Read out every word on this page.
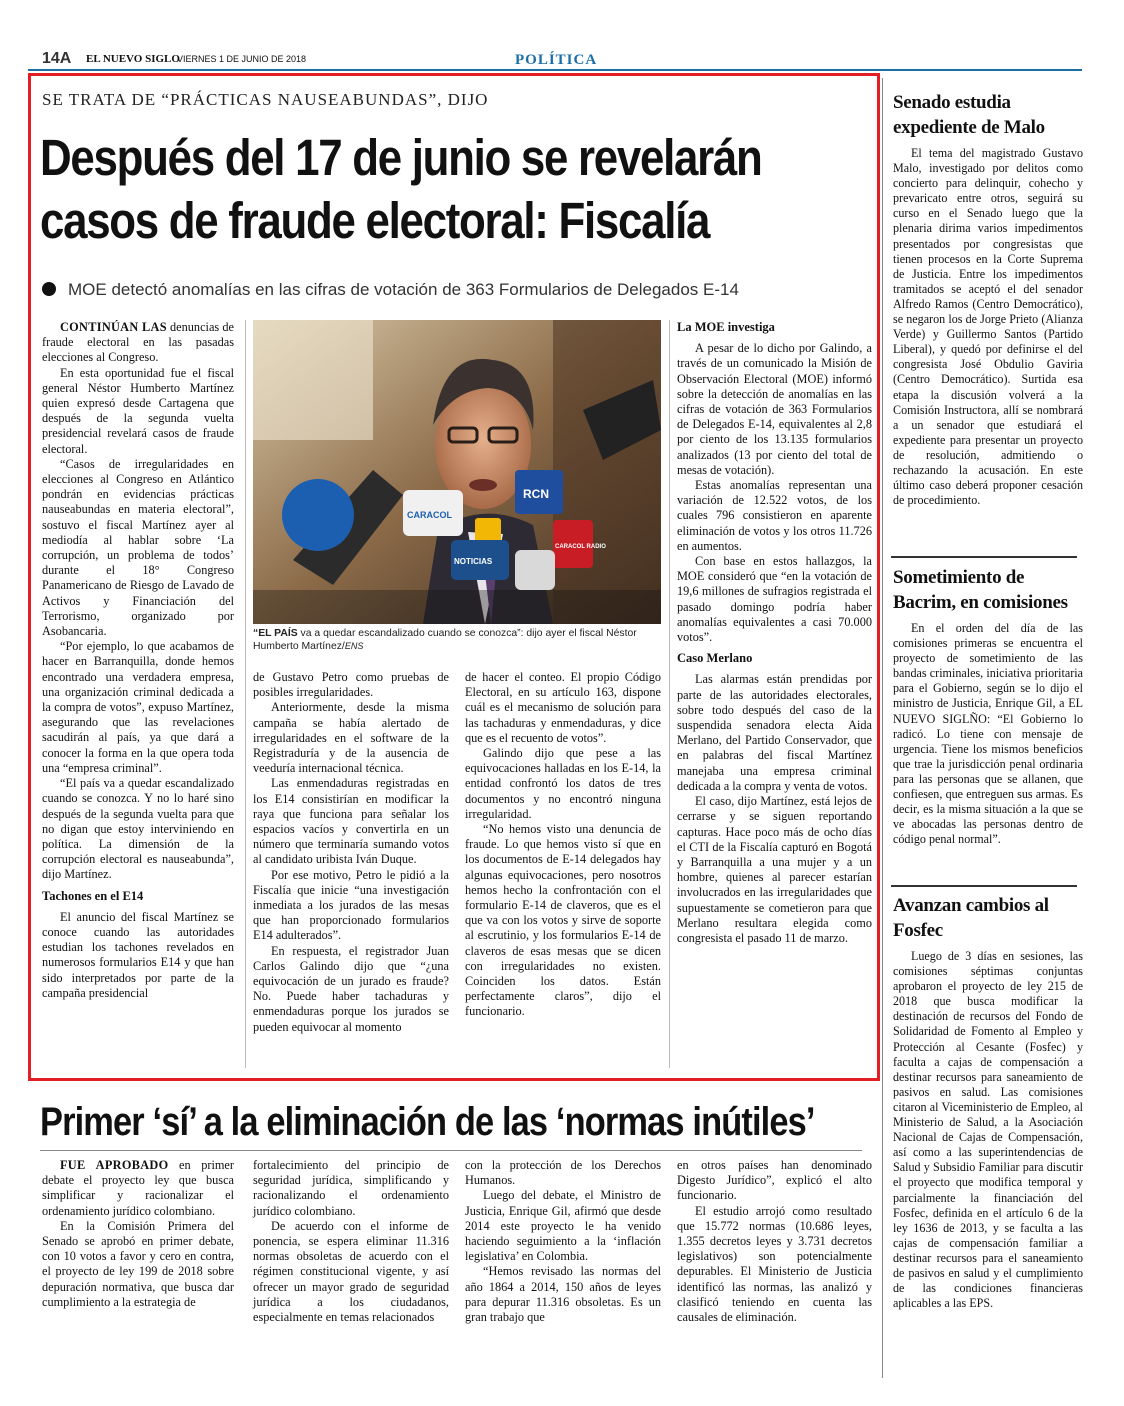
14A EL NUEVO SIGLO
VIERNES 1 DE JUNIO DE 2018	POLÍTICA
SE TRATA DE “PRÁCTICAS NAUSEABUNDAS”, DIJO
Después del 17 de junio se revelarán
casos de fraude electoral: Fiscalía
MOE detectó anomalías en las cifras de votación de 363 Formularios de Delegados E-14

CONTINÚAN LAS denuncias de fraude electoral en las pasadas elecciones al Congreso.

En esta oportunidad fue el fiscal general Néstor Humberto Martínez quien expresó desde Cartagena que después de la segunda vuelta presidencial revelará casos de fraude electoral.

“Casos de irregularidades en elecciones al Congreso en Atlántico pondrán en evidencias prácticas nauseabundas en materia electoral”, sostuvo el fiscal Martínez ayer al mediodía al hablar sobre ‘La corrupción, un problema de todos’ durante el 18° Congreso Panamericano de Riesgo de Lavado de Activos y Financiación del Terrorismo, organizado por Asobancaria.

“Por ejemplo, lo que acabamos de hacer en Barranquilla, donde hemos encontrado una verdadera empresa, una organización criminal dedicada a la compra de votos”, expuso Martínez, asegurando que las revelaciones sacudirán al país, ya que dará a conocer la forma en la que opera toda una “empresa criminal”.

“El país va a quedar escandalizado cuando se conozca. Y no lo haré sino después de la segunda vuelta para que no digan que estoy interviniendo en política. La dimensión de la corrupción electoral es nauseabunda”, dijo Martínez.

Tachones en el E14

El anuncio del fiscal Martínez se conoce cuando las autoridades estudian los tachones revelados en numerosos formularios E14 y que han sido interpretados por parte de la campaña presidencial

CARACOL
RCN
NOTICIAS
CARACOL RADIO
“EL PAÍS va a quedar escandalizado cuando se conozca”: dijo ayer el fiscal Néstor Humberto Martínez/ENS

de Gustavo Petro como pruebas de posibles irregularidades.

Anteriormente, desde la misma campaña se había alertado de irregularidades en el software de la Registraduría y de la ausencia de veeduría internacional técnica.

Las enmendaduras registradas en los E14 consistirían en modificar la raya que funciona para señalar los espacios vacíos y convertirla en un número que terminaría sumando votos al candidato uribista Iván Duque.

Por ese motivo, Petro le pidió a la Fiscalía que inicie “una investigación inmediata a los jurados de las mesas que han proporcionado formularios E14 adulterados”.

En respuesta, el registrador Juan Carlos Galindo dijo que “¿una equivocación de un jurado es fraude? No. Puede haber tachaduras y enmendaduras porque los jurados se pueden equivocar al momento

de hacer el conteo. El propio Código Electoral, en su artículo 163, dispone cuál es el mecanismo de solución para las tachaduras y enmendaduras, y dice que es el recuento de votos”.

Galindo dijo que pese a las equivocaciones halladas en los E-14, la entidad confrontó los datos de tres documentos y no encontró ninguna irregularidad.

“No hemos visto una denuncia de fraude. Lo que hemos visto sí que en los documentos de E-14 delegados hay algunas equivocaciones, pero nosotros hemos hecho la confrontación con el formulario E-14 de claveros, que es el que va con los votos y sirve de soporte al escrutinio, y los formularios E-14 de claveros de esas mesas que se dicen con irregularidades no existen. Coinciden los datos. Están perfectamente claros”, dijo el funcionario.

La MOE investiga

A pesar de lo dicho por Galindo, a través de un comunicado la Misión de Observación Electoral (MOE) informó sobre la detección de anomalías en las cifras de votación de 363 Formularios de Delegados E-14, equivalentes al 2,8 por ciento de los 13.135 formularios analizados (13 por ciento del total de mesas de votación).

Estas anomalías representan una variación de 12.522 votos, de los cuales 796 consistieron en aparente eliminación de votos y los otros 11.726 en aumentos.

Con base en estos hallazgos, la MOE consideró que “en la votación de 19,6 millones de sufragios registrada el pasado domingo podría haber anomalías equivalentes a casi 70.000 votos”.

Caso Merlano

Las alarmas están prendidas por parte de las autoridades electorales, sobre todo después del caso de la suspendida senadora electa Aida Merlano, del Partido Conservador, que en palabras del fiscal Martínez manejaba una empresa criminal dedicada a la compra y venta de votos.

El caso, dijo Martínez, está lejos de cerrarse y se siguen reportando capturas. Hace poco más de ocho días el CTI de la Fiscalía capturó en Bogotá y Barranquilla a una mujer y a un hombre, quienes al parecer estarían involucrados en las irregularidades que supuestamente se cometieron para que Merlano resultara elegida como congresista el pasado 11 de marzo.

Primer ‘sí’ a la eliminación de las ‘normas inútiles’

FUE APROBADO en primer debate el proyecto ley que busca simplificar y racionalizar el ordenamiento jurídico colombiano.

En la Comisión Primera del Senado se aprobó en primer debate, con 10 votos a favor y cero en contra, el proyecto de ley 199 de 2018 sobre depuración normativa, que busca dar cumplimiento a la estrategia de

fortalecimiento del principio de seguridad jurídica, simplificando y racionalizando el ordenamiento jurídico colombiano.

De acuerdo con el informe de ponencia, se espera eliminar 11.316 normas obsoletas de acuerdo con el régimen constitucional vigente, y así ofrecer un mayor grado de seguridad jurídica a los ciudadanos, especialmente en temas relacionados

con la protección de los Derechos Humanos.

Luego del debate, el Ministro de Justicia, Enrique Gil, afirmó que desde 2014 este proyecto le ha venido haciendo seguimiento a la ‘inflación legislativa’ en Colombia.

“Hemos revisado las normas del año 1864 a 2014, 150 años de leyes para depurar 11.316 obsoletas. Es un gran trabajo que

en otros países han denominado Digesto Jurídico”, explicó el alto funcionario.

El estudio arrojó como resultado que 15.772 normas (10.686 leyes, 1.355 decretos leyes y 3.731 decretos legislativos) son potencialmente depurables. El Ministerio de Justicia identificó las normas, las analizó y clasificó teniendo en cuenta las causales de eliminación.

Senado estudia expediente de Malo

El tema del magistrado Gustavo Malo, investigado por delitos como concierto para delinquir, cohecho y prevaricato entre otros, seguirá su curso en el Senado luego que la plenaria dirima varios impedimentos presentados por congresistas que tienen procesos en la Corte Suprema de Justicia. Entre los impedimentos tramitados se aceptó el del senador Alfredo Ramos (Centro Democrático), se negaron los de Jorge Prieto (Alianza Verde) y Guillermo Santos (Partido Liberal), y quedó por definirse el del congresista José Obdulio Gaviria (Centro Democrático). Surtida esa etapa la discusión volverá a la Comisión Instructora, allí se nombrará a un senador que estudiará el expediente para presentar un proyecto de resolución, admitiendo o rechazando la acusación. En este último caso deberá proponer cesación de procedimiento.

Sometimiento de Bacrim, en comisiones

En el orden del día de las comisiones primeras se encuentra el proyecto de sometimiento de las bandas criminales, iniciativa prioritaria para el Gobierno, según se lo dijo el ministro de Justicia, Enrique Gil, a EL NUEVO SIGLÑO: “El Gobierno lo radicó. Lo tiene con mensaje de urgencia. Tiene los mismos beneficios que trae la jurisdicción penal ordinaria para las personas que se allanen, que confiesen, que entreguen sus armas. Es decir, es la misma situación a la que se ve abocadas las personas dentro de código penal normal”.

Avanzan cambios al Fosfec

Luego de 3 días en sesiones, las comisiones séptimas conjuntas aprobaron el proyecto de ley 215 de 2018 que busca modificar la destinación de recursos del Fondo de Solidaridad de Fomento al Empleo y Protección al Cesante (Fosfec) y faculta a cajas de compensación a destinar recursos para saneamiento de pasivos en salud. Las comisiones citaron al Viceministerio de Empleo, al Ministerio de Salud, a la Asociación Nacional de Cajas de Compensación, así como a las superintendencias de Salud y Subsidio Familiar para discutir el proyecto que modifica temporal y parcialmente la financiación del Fosfec, definida en el artículo 6 de la ley 1636 de 2013, y se faculta a las cajas de compensación familiar a destinar recursos para el saneamiento de pasivos en salud y el cumplimiento de las condiciones financieras aplicables a las EPS.
